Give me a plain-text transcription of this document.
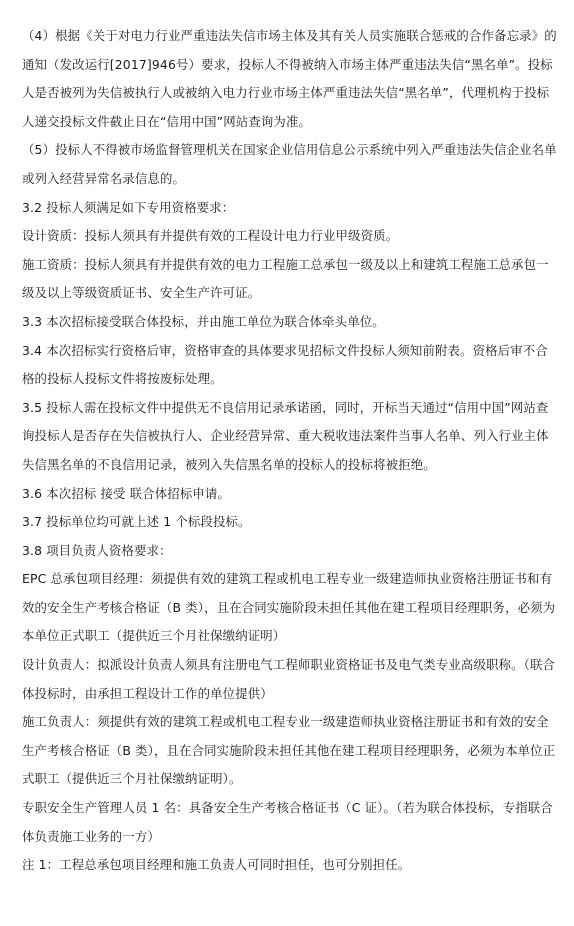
（4）根据《关于对电力行业严重违法失信市场主体及其有关人员实施联合惩戒的合作备忘录》的通知（发改运行[2017]946号）要求，投标人不得被纳入市场主体严重违法失信“黑名单”。投标人是否被列为失信被执行人或被纳入电力行业市场主体严重违法失信“黑名单”，代理机构于投标人递交投标文件截止日在“信用中国”网站查询为准。

（5）投标人不得被市场监督管理机关在国家企业信用信息公示系统中列入严重违法失信企业名单或列入经营异常名录信息的。

3.2 投标人须满足如下专用资格要求：

设计资质：投标人须具有并提供有效的工程设计电力行业甲级资质。

施工资质：投标人须具有并提供有效的电力工程施工总承包一级及以上和建筑工程施工总承包一级及以上等级资质证书、安全生产许可证。

3.3 本次招标接受联合体投标，并由施工单位为联合体牵头单位。

3.4 本次招标实行资格后审，资格审查的具体要求见招标文件投标人须知前附表。资格后审不合格的投标人投标文件将按废标处理。

3.5 投标人需在投标文件中提供无不良信用记录承诺函，同时，开标当天通过“信用中国”网站查询投标人是否存在失信被执行人、企业经营异常、重大税收违法案件当事人名单、列入行业主体失信黑名单的不良信用记录，被列入失信黑名单的投标人的投标将被拒绝。

3.6 本次招标 接受 联合体招标申请。

3.7 投标单位均可就上述 1 个标段投标。

3.8 项目负责人资格要求：

EPC 总承包项目经理：须提供有效的建筑工程或机电工程专业一级建造师执业资格注册证书和有效的安全生产考核合格证（B 类），且在合同实施阶段未担任其他在建工程项目经理职务，必须为本单位正式职工（提供近三个月社保缴纳证明）

设计负责人：拟派设计负责人须具有注册电气工程师职业资格证书及电气类专业高级职称。（联合体投标时，由承担工程设计工作的单位提供）

施工负责人：须提供有效的建筑工程或机电工程专业一级建造师执业资格注册证书和有效的安全生产考核合格证（B 类），且在合同实施阶段未担任其他在建工程项目经理职务，必须为本单位正式职工（提供近三个月社保缴纳证明）。

专职安全生产管理人员 1 名：具备安全生产考核合格证书（C 证）。（若为联合体投标，专指联合体负责施工业务的一方）

注 1：工程总承包项目经理和施工负责人可同时担任，也可分别担任。
